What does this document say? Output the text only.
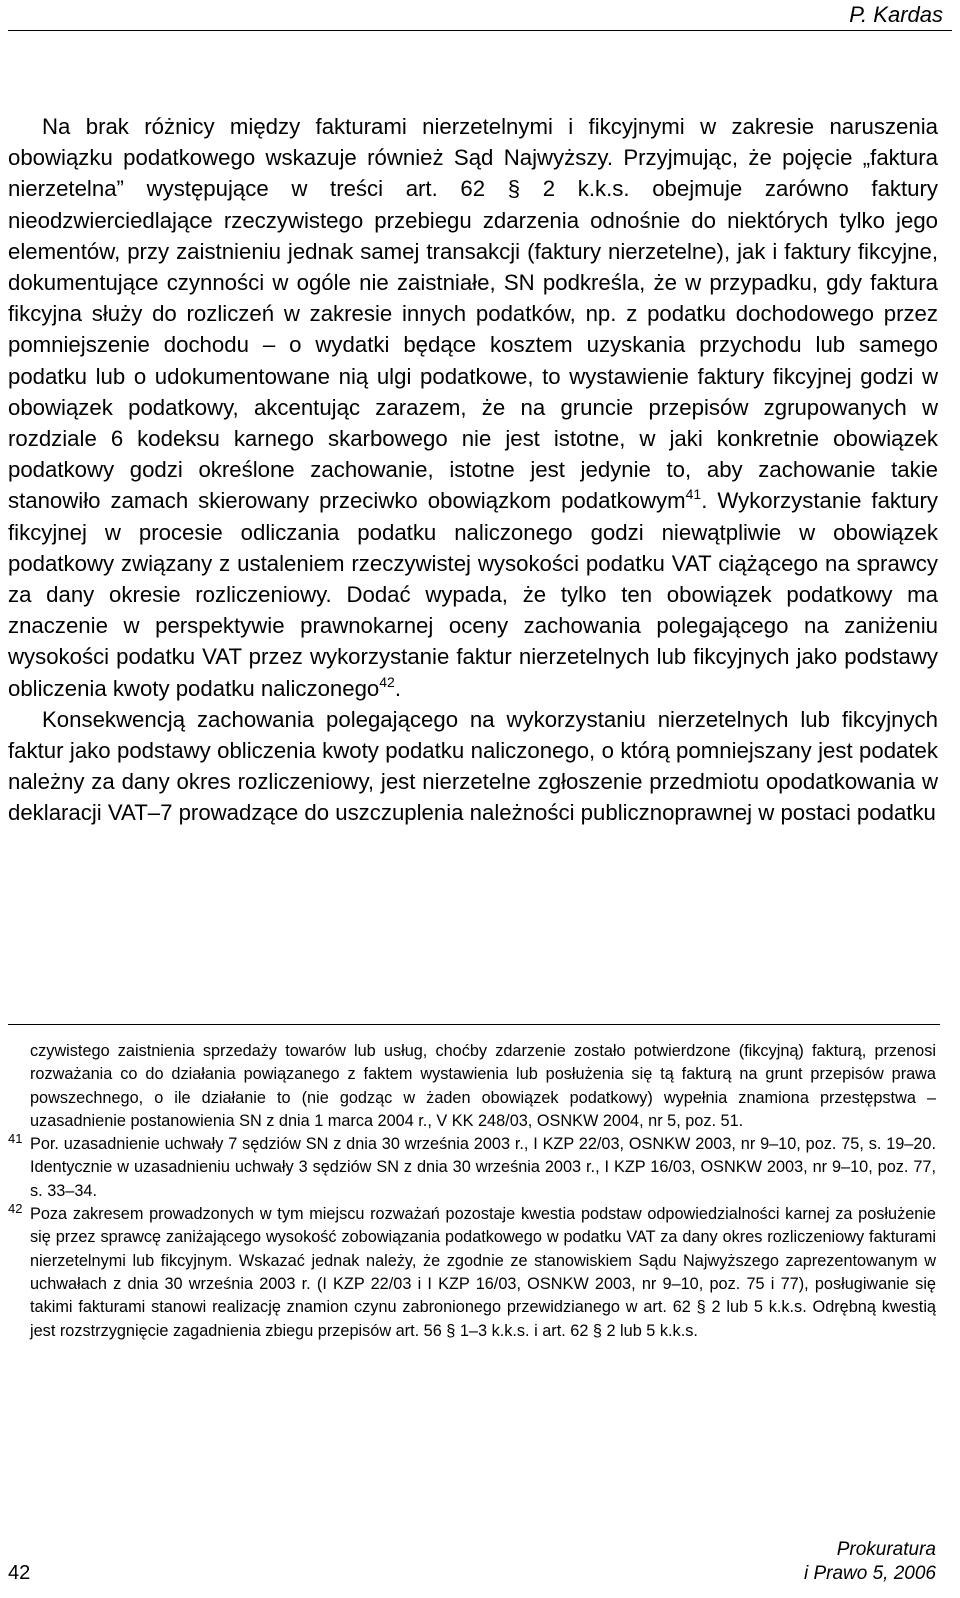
P. Kardas

Na brak różnicy między fakturami nierzetelnymi i fikcyjnymi w zakresie naruszenia obowiązku podatkowego wskazuje również Sąd Najwyższy. Przyjmując, że pojęcie „faktura nierzetelna” występujące w treści art. 62 § 2 k.k.s. obejmuje zarówno faktury nieodzwierciedlające rzeczywistego przebiegu zdarzenia odnośnie do niektórych tylko jego elementów, przy zaistnieniu jednak samej transakcji (faktury nierzetelne), jak i faktury fikcyjne, dokumentujące czynności w ogóle nie zaistniałe, SN podkreśla, że w przypadku, gdy faktura fikcyjna służy do rozliczeń w zakresie innych podatków, np. z podatku dochodowego przez pomniejszenie dochodu – o wydatki będące kosztem uzyskania przychodu lub samego podatku lub o udokumentowane nią ulgi podatkowe, to wystawienie faktury fikcyjnej godzi w obowiązek podatkowy, akcentując zarazem, że na gruncie przepisów zgrupowanych w rozdziale 6 kodeksu karnego skarbowego nie jest istotne, w jaki konkretnie obowiązek podatkowy godzi określone zachowanie, istotne jest jedynie to, aby zachowanie takie stanowiło zamach skierowany przeciwko obowiązkom podatkowym$^{41}$. Wykorzystanie faktury fikcyjnej w procesie odliczania podatku naliczonego godzi niewątpliwie w obowiązek podatkowy związany z ustaleniem rzeczywistej wysokości podatku VAT ciążącego na sprawcy za dany okresie rozliczeniowy. Dodać wypada, że tylko ten obowiązek podatkowy ma znaczenie w perspektywie prawnokarnej oceny zachowania polegającego na zaniżeniu wysokości podatku VAT przez wykorzystanie faktur nierzetelnych lub fikcyjnych jako podstawy obliczenia kwoty podatku naliczonego$^{42}$.

Konsekwencją zachowania polegającego na wykorzystaniu nierzetelnych lub fikcyjnych faktur jako podstawy obliczenia kwoty podatku naliczonego, o którą pomniejszany jest podatek należny za dany okres rozliczeniowy, jest nierzetelne zgłoszenie przedmiotu opodatkowania w deklaracji VAT–7 prowadzące do uszczuplenia należności publicznoprawnej w postaci podatku

czywistego zaistnienia sprzedaży towarów lub usług, choćby zdarzenie zostało potwierdzone (fikcyjną) fakturą, przenosi rozważania co do działania powiązanego z faktem wystawienia lub posłużenia się tą fakturą na grunt przepisów prawa powszechnego, o ile działanie to (nie godząc w żaden obowiązek podatkowy) wypełnia znamiona przestępstwa – uzasadnienie postanowienia SN z dnia 1 marca 2004 r., V KK 248/03, OSNKW 2004, nr 5, poz. 51.

41 Por. uzasadnienie uchwały 7 sędziów SN z dnia 30 września 2003 r., I KZP 22/03, OSNKW 2003, nr 9–10, poz. 75, s. 19–20. Identycznie w uzasadnieniu uchwały 3 sędziów SN z dnia 30 września 2003 r., I KZP 16/03, OSNKW 2003, nr 9–10, poz. 77, s. 33–34.

42 Poza zakresem prowadzonych w tym miejscu rozważań pozostaje kwestia podstaw odpowiedzialności karnej za posłużenie się przez sprawcę zaniżającego wysokość zobowiązania podatkowego w podatku VAT za dany okres rozliczeniowy fakturami nierzetelnymi lub fikcyjnym. Wskazać jednak należy, że zgodnie ze stanowiskiem Sądu Najwyższego zaprezentowanym w uchwałach z dnia 30 września 2003 r. (I KZP 22/03 i I KZP 16/03, OSNKW 2003, nr 9–10, poz. 75 i 77), posługiwanie się takimi fakturami stanowi realizację znamion czynu zabronionego przewidzianego w art. 62 § 2 lub 5 k.k.s. Odrębną kwestią jest rozstrzygnięcie zagadnienia zbiegu przepisów art. 56 § 1–3 k.k.s. i art. 62 § 2 lub 5 k.k.s.

42
Prokuratura
i Prawo 5, 2006
